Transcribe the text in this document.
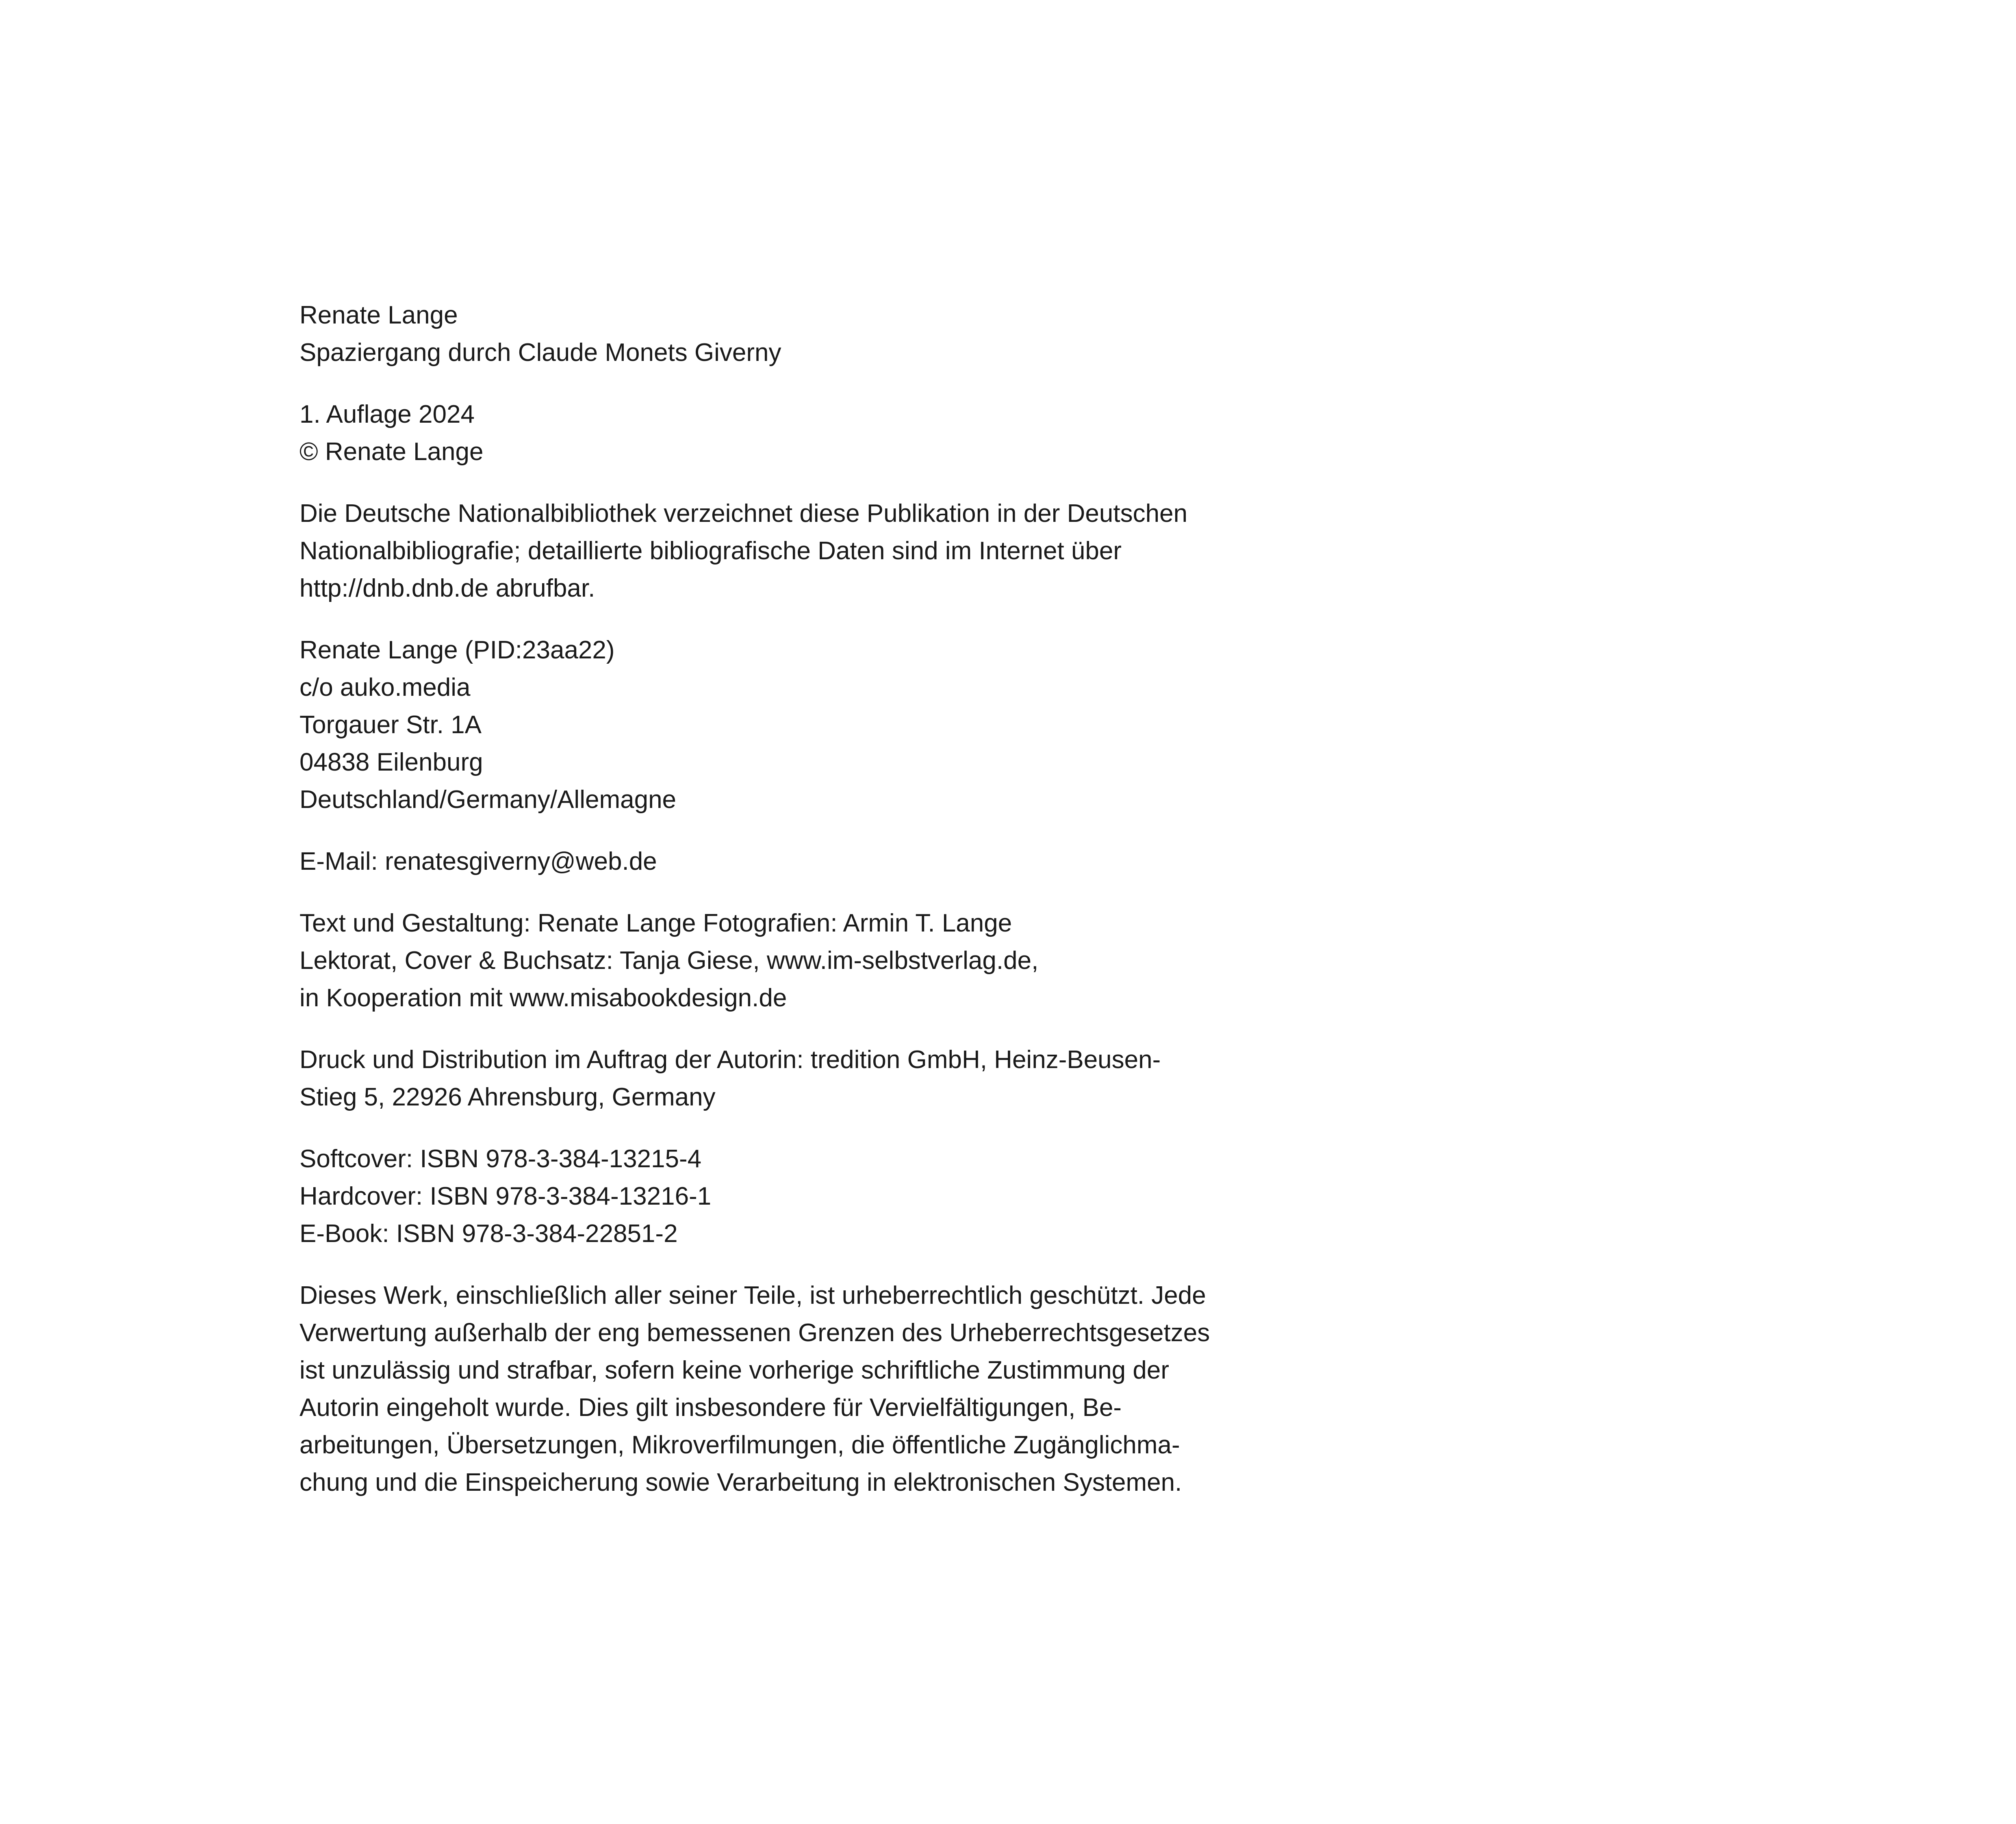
Renate Lange
Spaziergang durch Claude Monets Giverny
1. Auflage 2024
© Renate Lange
Die Deutsche Nationalbibliothek verzeichnet diese Publikation in der Deutschen
Nationalbibliografie; detaillierte bibliografische Daten sind im Internet über
http://dnb.dnb.de abrufbar.
Renate Lange (PID:23aa22)
c/o auko.media
Torgauer Str. 1A
04838 Eilenburg
Deutschland/Germany/Allemagne
E-Mail: renatesgiverny@web.de
Text und Gestaltung: Renate Lange Fotografien: Armin T. Lange
Lektorat, Cover & Buchsatz: Tanja Giese, www.im-selbstverlag.de,
in Kooperation mit www.misabookdesign.de
Druck und Distribution im Auftrag der Autorin: tredition GmbH, Heinz-Beusen-
Stieg 5, 22926 Ahrensburg, Germany
Softcover: ISBN 978-3-384-13215-4
Hardcover: ISBN 978-3-384-13216-1
E-Book: ISBN 978-3-384-22851-2
Dieses Werk, einschließlich aller seiner Teile, ist urheberrechtlich geschützt. Jede
Verwertung außerhalb der eng bemessenen Grenzen des Urheberrechtsgesetzes
ist unzulässig und strafbar, sofern keine vorherige schriftliche Zustimmung der
Autorin eingeholt wurde. Dies gilt insbesondere für Vervielfältigungen, Be-
arbeitungen, Übersetzungen, Mikroverfilmungen, die öffentliche Zugänglichma-
chung und die Einspeicherung sowie Verarbeitung in elektronischen Systemen.
